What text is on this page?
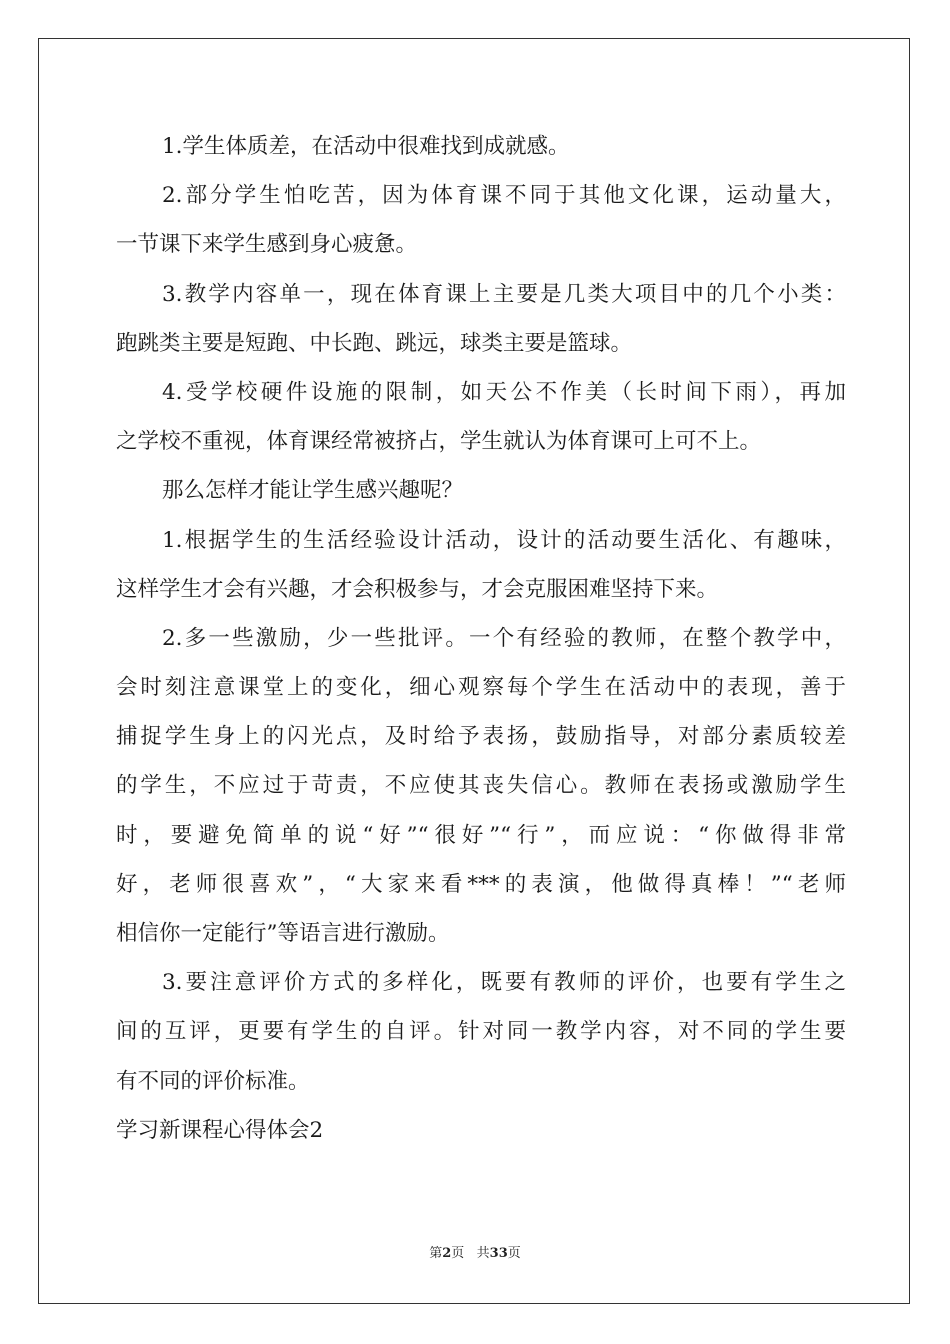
1.学生体质差，在活动中很难找到成就感。
2.部分学生怕吃苦，因为体育课不同于其他文化课，运动量大，
一节课下来学生感到身心疲惫。
3.教学内容单一，现在体育课上主要是几类大项目中的几个小类：
跑跳类主要是短跑、中长跑、跳远，球类主要是篮球。
4.受学校硬件设施的限制，如天公不作美（长时间下雨），再加
之学校不重视，体育课经常被挤占，学生就认为体育课可上可不上。
那么怎样才能让学生感兴趣呢？
1.根据学生的生活经验设计活动，设计的活动要生活化、有趣味，
这样学生才会有兴趣，才会积极参与，才会克服困难坚持下来。
2.多一些激励，少一些批评。一个有经验的教师，在整个教学中，
会时刻注意课堂上的变化，细心观察每个学生在活动中的表现，善于
捕捉学生身上的闪光点，及时给予表扬，鼓励指导，对部分素质较差
的学生，不应过于苛责，不应使其丧失信心。教师在表扬或激励学生
时，要避免简单的说“好”“很好”“行”，而应说：“你做得非常
好，老师很喜欢”，“大家来看***的表演，他做得真棒！”“老师
相信你一定能行”等语言进行激励。
3.要注意评价方式的多样化，既要有教师的评价，也要有学生之
间的互评，更要有学生的自评。针对同一教学内容，对不同的学生要
有不同的评价标准。
学习新课程心得体会2
第2页   共33页
